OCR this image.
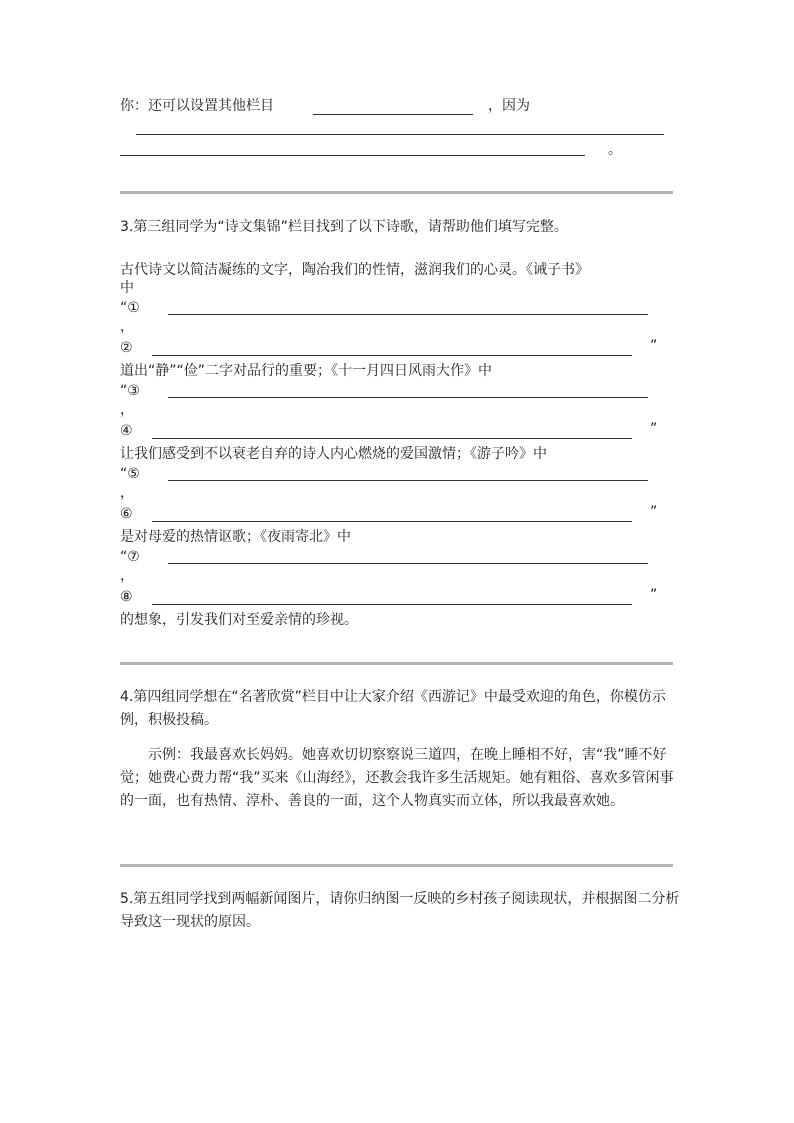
你：还可以设置其他栏目	，因为
。
3.第三组同学为“诗文集锦”栏目找到了以下诗歌，请帮助他们填写完整。
古代诗文以简洁凝练的文字，陶冶我们的性情，滋润我们的心灵。《诫子书》
中
“①
，
②	”
道出“静”“俭”二字对品行的重要；《十一月四日风雨大作》中
“③
，
④	”
让我们感受到不以衰老自弃的诗人内心燃烧的爱国激情；《游子吟》中
“⑤
，
⑥	”
是对母爱的热情讴歌；《夜雨寄北》中
“⑦
，
⑧	”
的想象，引发我们对至爱亲情的珍视。
4.第四组同学想在“名著欣赏”栏目中让大家介绍《西游记》中最受欢迎的角色，你模仿示例，积极投稿。
示例：我最喜欢长妈妈。她喜欢切切察察说三道四，在晚上睡相不好，害“我”睡不好觉；她费心费力帮“我”买来《山海经》，还教会我许多生活规矩。她有粗俗、喜欢多管闲事的一面，也有热情、淳朴、善良的一面，这个人物真实而立体，所以我最喜欢她。
5.第五组同学找到两幅新闻图片，请你归纳图一反映的乡村孩子阅读现状，并根据图二分析导致这一现状的原因。
